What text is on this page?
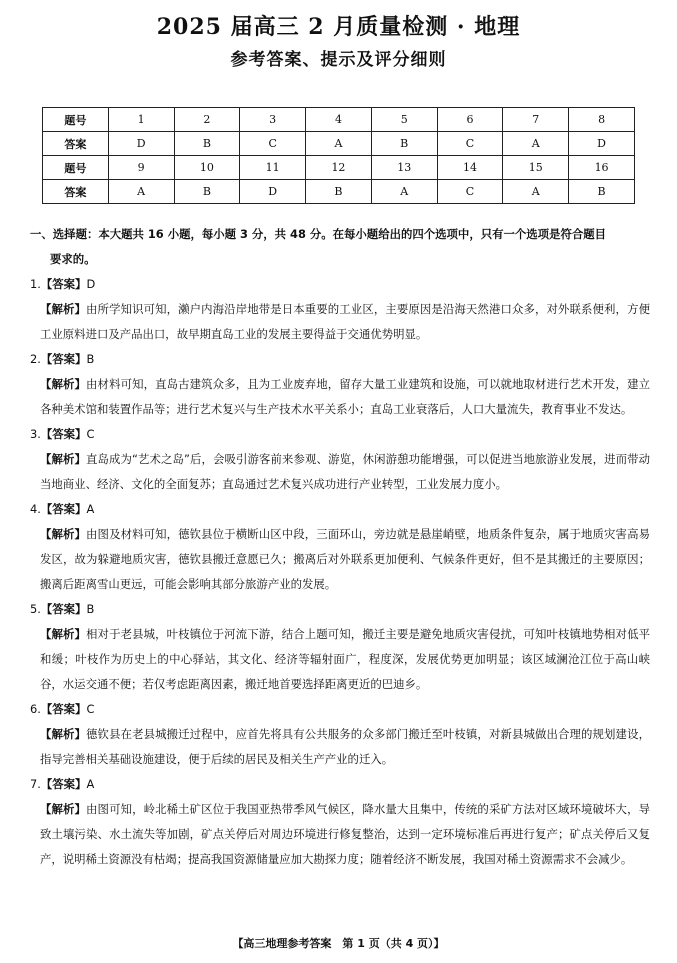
2025 届高三 2 月质量检测 · 地理
参考答案、提示及评分细则
题号	1	2	3	4	5	6	7	8
答案	D	B	C	A	B	C	A	D
题号	9	10	11	12	13	14	15	16
答案	A	B	D	B	A	C	A	B
一、选择题：本大题共 16 小题，每小题 3 分，共 48 分。在每小题给出的四个选项中，只有一个选项是符合题目
要求的。
1.【答案】D
【解析】由所学知识可知，濑户内海沿岸地带是日本重要的工业区，主要原因是沿海天然港口众多，对外联系便利，方便工业原料进口及产品出口，故早期直岛工业的发展主要得益于交通优势明显。
2.【答案】B
【解析】由材料可知，直岛古建筑众多，且为工业废弃地，留存大量工业建筑和设施，可以就地取材进行艺术开发，建立各种美术馆和装置作品等；进行艺术复兴与生产技术水平关系小；直岛工业衰落后，人口大量流失，教育事业不发达。
3.【答案】C
【解析】直岛成为“艺术之岛”后，会吸引游客前来参观、游览，休闲游憩功能增强，可以促进当地旅游业发展，进而带动当地商业、经济、文化的全面复苏；直岛通过艺术复兴成功进行产业转型，工业发展力度小。
4.【答案】A
【解析】由图及材料可知，德钦县位于横断山区中段，三面环山，旁边就是悬崖峭壁，地质条件复杂，属于地质灾害高易发区，故为躲避地质灾害，德钦县搬迁意愿已久；搬离后对外联系更加便利、气候条件更好，但不是其搬迁的主要原因；搬离后距离雪山更远，可能会影响其部分旅游产业的发展。
5.【答案】B
【解析】相对于老县城，叶枝镇位于河流下游，结合上题可知，搬迁主要是避免地质灾害侵扰，可知叶枝镇地势相对低平和缓；叶枝作为历史上的中心驿站，其文化、经济等辐射面广，程度深，发展优势更加明显；该区域澜沧江位于高山峡谷，水运交通不便；若仅考虑距离因素，搬迁地首要选择距离更近的巴迪乡。
6.【答案】C
【解析】德钦县在老县城搬迁过程中，应首先将具有公共服务的众多部门搬迁至叶枝镇，对新县城做出合理的规划建设，指导完善相关基础设施建设，便于后续的居民及相关生产产业的迁入。
7.【答案】A
【解析】由图可知，岭北稀土矿区位于我国亚热带季风气候区，降水量大且集中，传统的采矿方法对区域环境破坏大，导致土壤污染、水土流失等加剧，矿点关停后对周边环境进行修复整治，达到一定环境标准后再进行复产；矿点关停后又复产，说明稀土资源没有枯竭；提高我国资源储量应加大勘探力度；随着经济不断发展，我国对稀土资源需求不会减少。
【高三地理参考答案　第 1 页（共 4 页）】
